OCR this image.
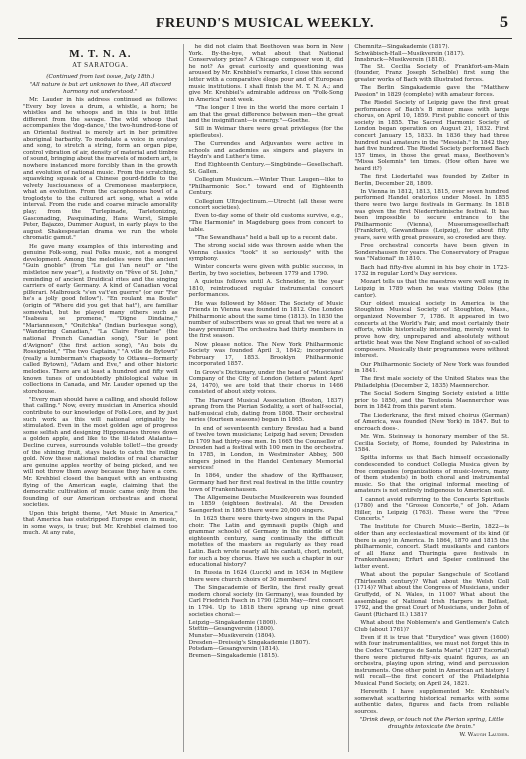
FREUND'S MUSICAL WEEKLY.	5
M. T. N. A.
AT SARATOGA.

(Continued from last issue, July 18th.)

"All nature is but art unknown to thee, All discord harmony not understood."

Mr. Lauder in his address continued as follows: "Every boy loves a drum, a whistle, a horn; he whistles and he whoops and in this is but little different from the savage. The wild whoop that accompanies the 'dog-dance,' the two-hundred-tone of an Oriental festival is merely art in her primitive aboriginal barbarity. To modulate a voice in oratory and song, to stretch a string, form an organ pipe, control vibration of air, density of material and timbre of sound, bringing about the marvels of modern art, is nowhere instanced more forcibly than in the growth and evolution of national music. From the scratching, squawking squeak of a Chinese gourd-fiddle to the velvety lusciousness of a Cremonese masterpiece, what an evolution. From the cacophonous howl of a troglodyte to the cultured art song, what a wide interval. From the rude and coarse miracle amorality play; from the Turlepinade, Tarletonizing, Gasconading, Pasquinading, Hans Wurst, Simple Peter, Bajazzo, Dummer August, in early plays to the august Shakespearian drama we run the whole chromatic gamut."

He gave many examples of this interesting and genuine Folk-song, real Folks music, not a mongrel development. Among the melodies were the ancient "Guin gnoble" (from "Le gui l'an neuf" or "the mistletoe new year"), a festivity on "Fève of St. John," reminding of ancient Druidical rites and the singing carriers of early Germany. A kind of Canadian vocal pilferari. Malbrouck "s'en va't'en guerre" (or our "For he's a jolly good fellow"). "En roulant ma Boule" (origin of "Where did you get that hat"), are familiar somewhat, but he played many others such as "Isabeau se promene," "Digne Dindaine," "Marianneson," "Onitchka" (Indian burlesque song), "Wandering Canadian," "La Claire Fontaine" (the national French Canadian song), "Sur le pont d'Avignon" (the first action song), "Au bois du Rossignolet," "The two Captains," "A ville de Bytown" (really a lumberman's rhapsody to Ottawa—formerly called Bytown), "Adam and Eve," and other historic melodies. There are at least a hundred and fifty well known tunes of undoubtedly philological value in collections in Canada, and Mr. Lauder opened up the storehouse.

"Every man should have a calling, and should follow that calling." Now, every musician in America should contribute to our knowledge of Folk-Lore, and by just such work as this will national originality be stimulated. Even in the most golden age of progress some selfish and designing Hippomanes throws down a golden apple, and like to the ill-fated Atalanta—Decline curves, surrounds voluble tollet!—the greedy of the shining fruit, stays back to catch the rolling gold. Now these national melodies of real character are genuine apples worthy of being picked, and we will not throw them away because they have a core. Mr. Krehbiel closed the banquet with an enthusing flying of the American eagle, claiming that the democratic cultivation of music came only from the founding of our American orchestras and choral societies.

Upon this bright theme, "Art Music in America," that America has outstripped Europe even in music, in some ways, is true; but Mr. Krehbiel claimed too much. At any rate,

he did not claim that Beethoven was born in New York. By-the-bye, what about that National Conservatory prize? A Chicago composer won it, did he not? As great curiosity and questioning was aroused by Mr. Krehbiel's remarks, I close this second letter with a comparative éloge pour and of European music institutions. I shall finish the M. T. N. A.; and give Mr. Krehbiel's admirable address on "Folk-Song in America" next week.

"The longer I live in the world the more certain I am that the great difference between men—the great and the insignificant—is energy."—Goethe.

Sill in Weimar there were great privileges (for the spiefleutes).

The Currendes and Adjuvantes were active in schools and academies as singers and players in Haydn's and Luther's time.

End Eighteenth Century.—Singbünde—Gesellschaft. St. Gallen.

Collegium Musicum.—Winter Thur. Laugen—like to "Philharmonic Soc." toward end of Eighteenth Century.

Collegium Ultrajectinum.—Utrecht (all these were concert societies).

Even to-day some of their old customs survive, e.g., "The Harmonie" in Magdeburg goes from concert to table.

"The Sewandhaus" held a ball up to a recent date.

The strong social side was thrown aside when the Vienna classics "took" it so seriously" with the symphony.

Winter concerts were given with public success, in Berlin, by two societies, between 1779 and 1790.

A quietus follows until A. Schneider, in the year 1810, reintroduced regular instrumental concert performances.

He was followed by Möser. The Society of Music Friends in Vienna was founded in 1812. One London Philharmonic about the same time (1813). In 1830 the number of subscribers was so great that we were at a heavy premium! The orchestra had thirty members in the first season.

Now please notice. The New York Philharmonic Society was founded April 3, 1842; incorporated February 17, 1853. Brooklyn Philharmonic incorporated 1857.

In Grove's Dictionary, under the head of "Musicians' Company of the City of London (letters patent April 24, 1470), we are told that their chorus in 1466 consisted of about sixty voices.

The Harvard Musical Association (Boston, 1837) sprang from the Pierian Sodality, a sort of half-social, half-musical club, dating from 1808. Their orchestral series (fourteen seasons) began in 1865.

In end of seventeenth century Breslau had a band of twelve town musicians; Leipzig had seven; Dresden in 1709 had thirty-one men. In 1665 the Counsellor of Dresden had a festival with 100 men in the orchestra. In 1785, in London, in Westminster Abbey, 500 singers joined in the Handel Centenary Memorial services!

In 1864, under the shadow of the Kyffhauser, Germany had her first real festival in the little country town of Frankenhausen.

The Allgemeine Deutsche Musikverein was founded in 1859 (eighteen festivals). At the Dresden Saengerfest in 1865 there were 20,000 singers.

In 1625 there were thirty-two singers in the Papal choir. The Latin and gymnasii pupils (high and grammar schools) of Germany in the middle of the eighteenth century, sang continually the difficult motettes of the masters as regularly as they read Latin. Bach wrote nearly all his cantati, chorl, motett, for such a boy chorus. Have we such a chapter in our educational history?

In Russia in 1624 (Lucck) and in 1634 in Mejilew there were church choirs of 30 members!

The Singacademie of Berlin, the first really great modern choral society (in Germany), was founded by Carl Friedrich Fasch in 1790 (25th May—first concert in 1794. Up to 1818 there sprang up nine great societies choral:—

Leipzig—Singakademie (1800).

Stettin—Gesangverein (1800).

Munster—Musikverein (1804).

Dresden—Dreissig's Singakademie (1807).

Potsdam—Gesangverein (1814).

Bremen—Singakademie (1815).

Chemnitz—Singakademie (1817).

Schwäbisch-Hall—Musikverein (1817).

Innsbruck—Musikverein (1818).

The St. Cecilia Society of Frankfort-am-Main (founder, Franz Joseph Schelble) first sung the greater works of Bach with illustrated forces.

The Berlin Singakademie gave the "Matthew Passion" in 1829 (complete) with amateur forces.

The Riedel Society of Leipzig gave the first great performance of Bach's B minor mass with large chorus, on April 10, 1859. First public concert of this society in 1855. The Sacred Harmonic Society of London began operation on August 21, 1832. First concert January 15, 1833. In 1836 they had three hundred real amateurs in the "Messiah." In 1842 they had five hundred. The Riedel Society performed Bach 157 times, in those the great mass, Beethoven's "Missa Solemnis" ten times. (How often have we heard it?)

The first Liedertafel was founded by Zelter in Berlin, December 28, 1809.

In Vienna in 1812, 1813, 1815, over seven hundred performed Handel oratorios under Mosel. In 1855 there were two large festivals in Germany. In 1818 was given the first Niederrheinische festival. It has been impossible to secure entrance to the Philharmonic (Vienna), Museumsgesellschaft (Frankfort), Gewandhaus (Leipzig), for about fifty years, save with great pressure, so crowded are they.

Free orchestral concerts have been given in Sondershausen for years. The Conservatory of Prague was "National" in 1810.

Bach had fifty-five alumni in his boy choir in 1723-1732 in regular Lord's Day services.

Mozart tells us that the maestros were well sung in Leipzig in 1789 when he was visiting Doles (the cantor).

Our oldest musical society in America is the Stoughton Musical Society of Stoughton, Mass., organized November 7, 1786. It appeared in two concerts at the World's Fair, and most certainly their efforts, while historically interesting, merely went to prove how dry, unprepared and absolutely without artistic heat was the New England school of so-called composers. Musically their programmes were without interest.

Our Philharmonic Society of New York was founded in 1841.

The first male society of the United States was the Philadelphia (December 2, 1835) Maennerchor.

The Social Sodern Singing Society existed a little prior to 1850, and the Teutonia Maennerchor was born in 1842 from this parent stem.

The Liederkranz, the first mixed choirus (German) of America, was founded (New York) in 1847. But to encroach does-.

Mr. Wm. Steinway is honorary member of the St. Cecilia Society, of Rome, founded by Palestrina in 1584.

Spitta informs us that Bach himself occasionally condescended to conduct Collegia Musica given by free companies (organizations of music-lovers, many of them students) in both choral and instrumental music. So that the original informal meeting of amateurs is not entirely indigenous to American soil.

I cannot avoid referring to the Concerts Spirituels (1780) and the "Grosse Concerte," of Joh. Adam Hiller, in Leipzig (1763). These were the "Free Concerts."

The Institute for Church Music—Berlin, 1822—is older than any ecclesiastical movement of its kind (if there is any) in America. In 1864, 1870 and 1815 the philharmonic, concert. Stadt musikants and cantors of all Hanz and Thuringia gave festivals in Frankenhausen; Erfurt and Speier continued the latter event.

What about the popular Sangschule of Scotland (Thirteenth century)? What about the Welsh Coll (1714)? What about the Congress of Musicians, under Gruffydd, of N. Wales, in 1100? What about the assemblage of National Irish Harpers in Belfast, 1792, and the great Court of Musicians, under John of Gaunt (Richard II.) 1381?

What about the Noblemen's and Gentlemen's Catch Club (about 1761)?

Even if it is true that "Eurydice" was given (1600) with four instrumentalities, we must not forget this in the Codex "Canergus de Santa Maria" (1287 Escorial) there were pictured fifty-six quaint figures, as an orchestra, playing upon string, wind and percussion instruments. One other point in American art history I will recall—the first concert of the Philadelphia Musical Fund Society, on April 24, 1821.

Herewith I have supplemented Mr. Krehbiel's somewhat scattering historical remarks with some authentic dates, figures and facts from reliable sources.

"Drink deep, or touch not the Pierian spring, Little draughts intoxicate the brain."

W. Waugh Lauder.
